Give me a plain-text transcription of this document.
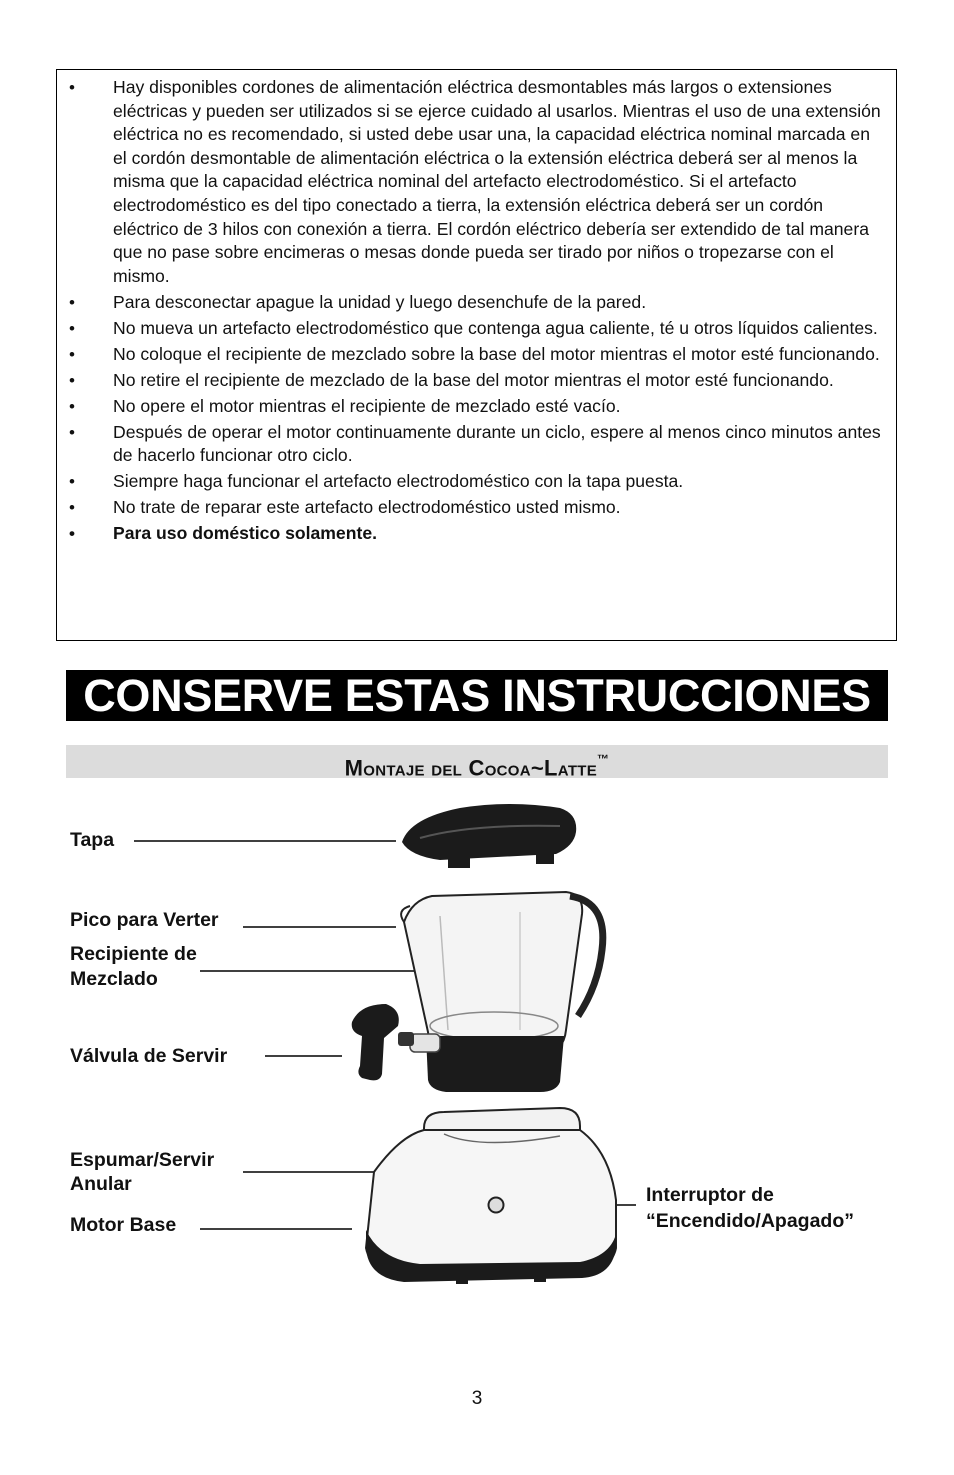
• Hay disponibles cordones de alimentación eléctrica desmontables más largos o extensiones eléctricas y pueden ser utilizados si se ejerce cuidado al usarlos. Mientras el uso de una extensión eléctrica no es recomendado, si usted debe usar una, la capacidad eléctrica nominal marcada en el cordón desmontable de alimentación eléctrica o la extensión eléctrica deberá ser al menos la misma que la capacidad eléctrica nominal del artefacto electrodoméstico. Si el artefacto electrodoméstico es del tipo conectado a tierra, la extensión eléctrica deberá ser un cordón eléctrico de 3 hilos con conexión a tierra. El cordón eléctrico debería ser extendido de tal manera que no pase sobre encimeras o mesas donde pueda ser tirado por niños o tropezarse con el mismo.
• Para desconectar apague la unidad y luego desenchufe de la pared.
• No mueva un artefacto electrodoméstico que contenga agua caliente, té u otros líquidos calientes.
• No coloque el recipiente de mezclado sobre la base del motor mientras el motor esté funcionando.
• No retire el recipiente de mezclado de la base del motor mientras el motor esté funcionando.
• No opere el motor mientras el recipiente de mezclado esté vacío.
• Después de operar el motor continuamente durante un ciclo, espere al menos cinco minutos antes de hacerlo funcionar otro ciclo.
• Siempre haga funcionar el artefacto electrodoméstico con la tapa puesta.
• No trate de reparar este artefacto electrodoméstico usted mismo.
• Para uso doméstico solamente.
CONSERVE ESTAS INSTRUCCIONES
Montaje del Cocoa~Latte™
Tapa
Pico para Verter
Recipiente de
Mezclado
Válvula de Servir
Espumar/Servir
Anular
Motor Base
Interruptor de
“Encendido/Apagado”
3
